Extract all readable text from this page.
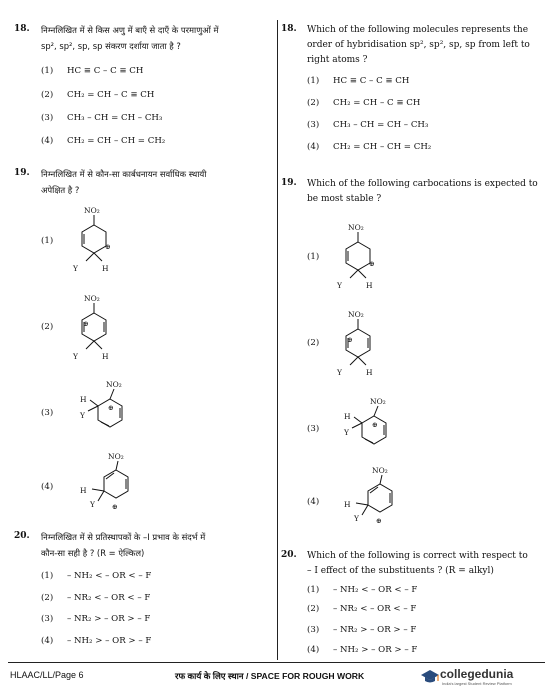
18. निम्नलिखित में से किस अणु में बाएँ से दाएँ के परमाणुओं में
sp², sp², sp, sp संकरण दर्शाया जाता है ?
(1) HC ≡ C – C ≡ CH
(2) CH₂ = CH – C ≡ CH
(3) CH₃ – CH = CH – CH₃
(4) CH₂ = CH – CH = CH₂
18. Which of the following molecules represents the
order of hybridisation sp², sp², sp, sp from left to
right atoms ?
(1) HC ≡ C – C ≡ CH
(2) CH₂ = CH – C ≡ CH
(3) CH₃ – CH = CH – CH₃
(4) CH₂ = CH – CH = CH₂
19. निम्नलिखित में से कौन-सा कार्बधनायन सर्वाधिक स्थायी
अपेक्षित है ?
(1)
(2)
(3)
(4)
NO₂
Y	H
⊕
NO₂
Y	H
⊕
NO₂
H
Y
⊕
NO₂
H
Y ⊕
19. Which of the following carbocations is expected to
be most stable ?
(1)
(2)
(3)
(4)
NO₂
Y	H
⊕
NO₂
Y	H
⊕
NO₂
H
Y
⊕
NO₂
H
Y ⊕
20. निम्नलिखित में से प्रतिस्थापकों के –I प्रभाव के संदर्भ में
कौन-सा सही है ? (R = ऐल्किल)
(1) – NH₂ < – OR < – F
(2) – NR₂ < – OR < – F
(3) – NR₂ > – OR > – F
(4) – NH₂ > – OR > – F
20. Which of the following is correct with respect to
– I effect of the substituents ? (R = alkyl)
(1) – NH₂ < – OR < – F
(2) – NR₂ < – OR < – F
(3) – NR₂ > – OR > – F
(4) – NH₂ > – OR > – F
HLAAC/LL/Page 6	रफ कार्य के लिए स्थान / SPACE FOR ROUGH WORK	collegedunia
India's largest Student Review Platform
